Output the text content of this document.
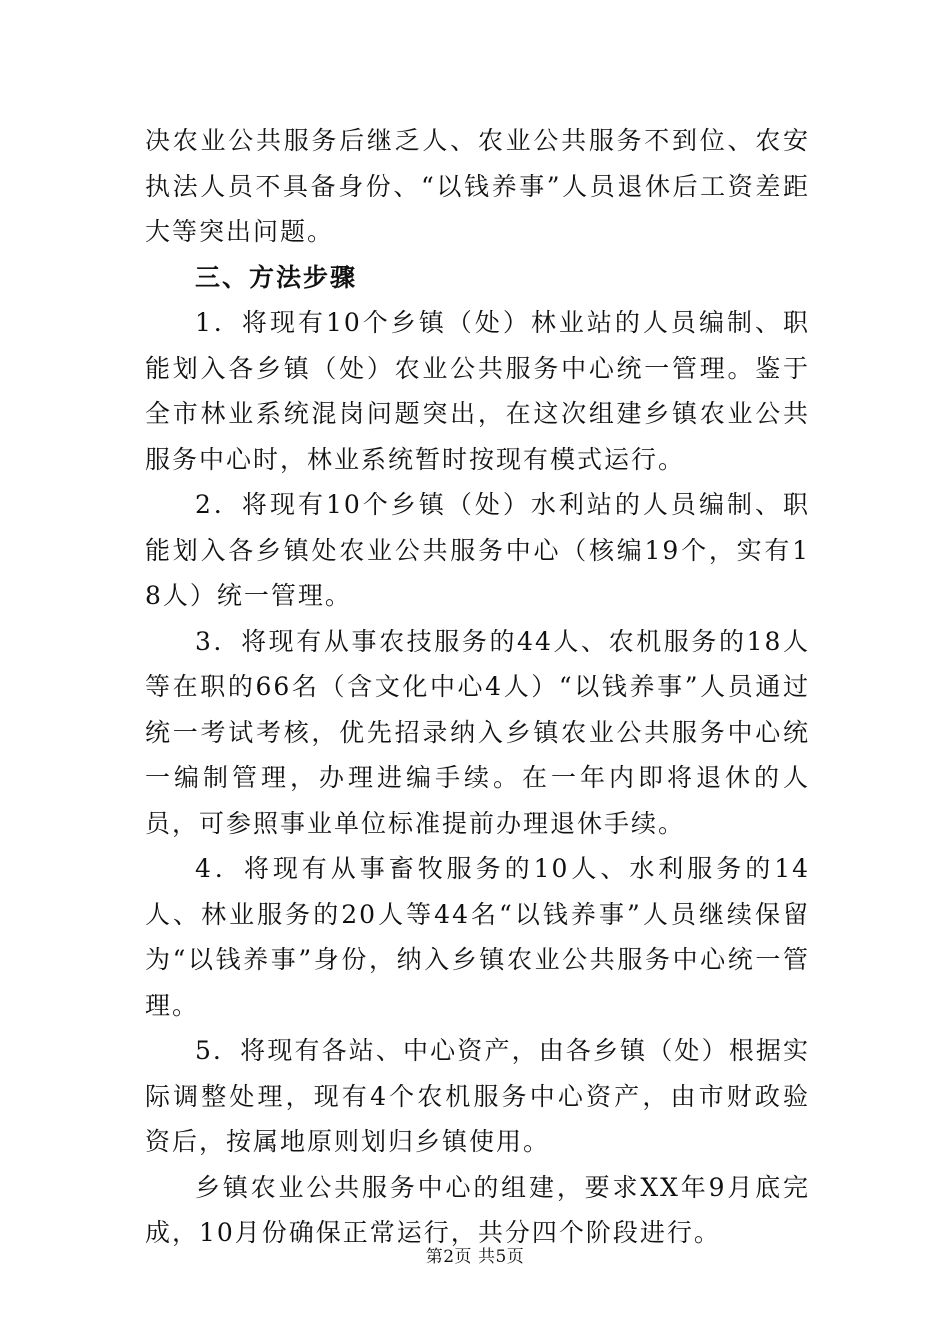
决农业公共服务后继乏人、农业公共服务不到位、农安执法人员不具备身份、“以钱养事”人员退休后工资差距大等突出问题。

三、方法步骤

1．将现有10个乡镇（处）林业站的人员编制、职能划入各乡镇（处）农业公共服务中心统一管理。鉴于全市林业系统混岗问题突出，在这次组建乡镇农业公共服务中心时，林业系统暂时按现有模式运行。

2．将现有10个乡镇（处）水利站的人员编制、职能划入各乡镇处农业公共服务中心（核编19个，实有18人）统一管理。

3．将现有从事农技服务的44人、农机服务的18人等在职的66名（含文化中心4人）“以钱养事”人员通过统一考试考核，优先招录纳入乡镇农业公共服务中心统一编制管理，办理进编手续。在一年内即将退休的人员，可参照事业单位标准提前办理退休手续。

4．将现有从事畜牧服务的10人、水利服务的14人、林业服务的20人等44名“以钱养事”人员继续保留为“以钱养事”身份，纳入乡镇农业公共服务中心统一管理。

5．将现有各站、中心资产，由各乡镇（处）根据实际调整处理，现有4个农机服务中心资产，由市财政验资后，按属地原则划归乡镇使用。

乡镇农业公共服务中心的组建，要求XX年9月底完成，10月份确保正常运行，共分四个阶段进行。

第2页 共5页
